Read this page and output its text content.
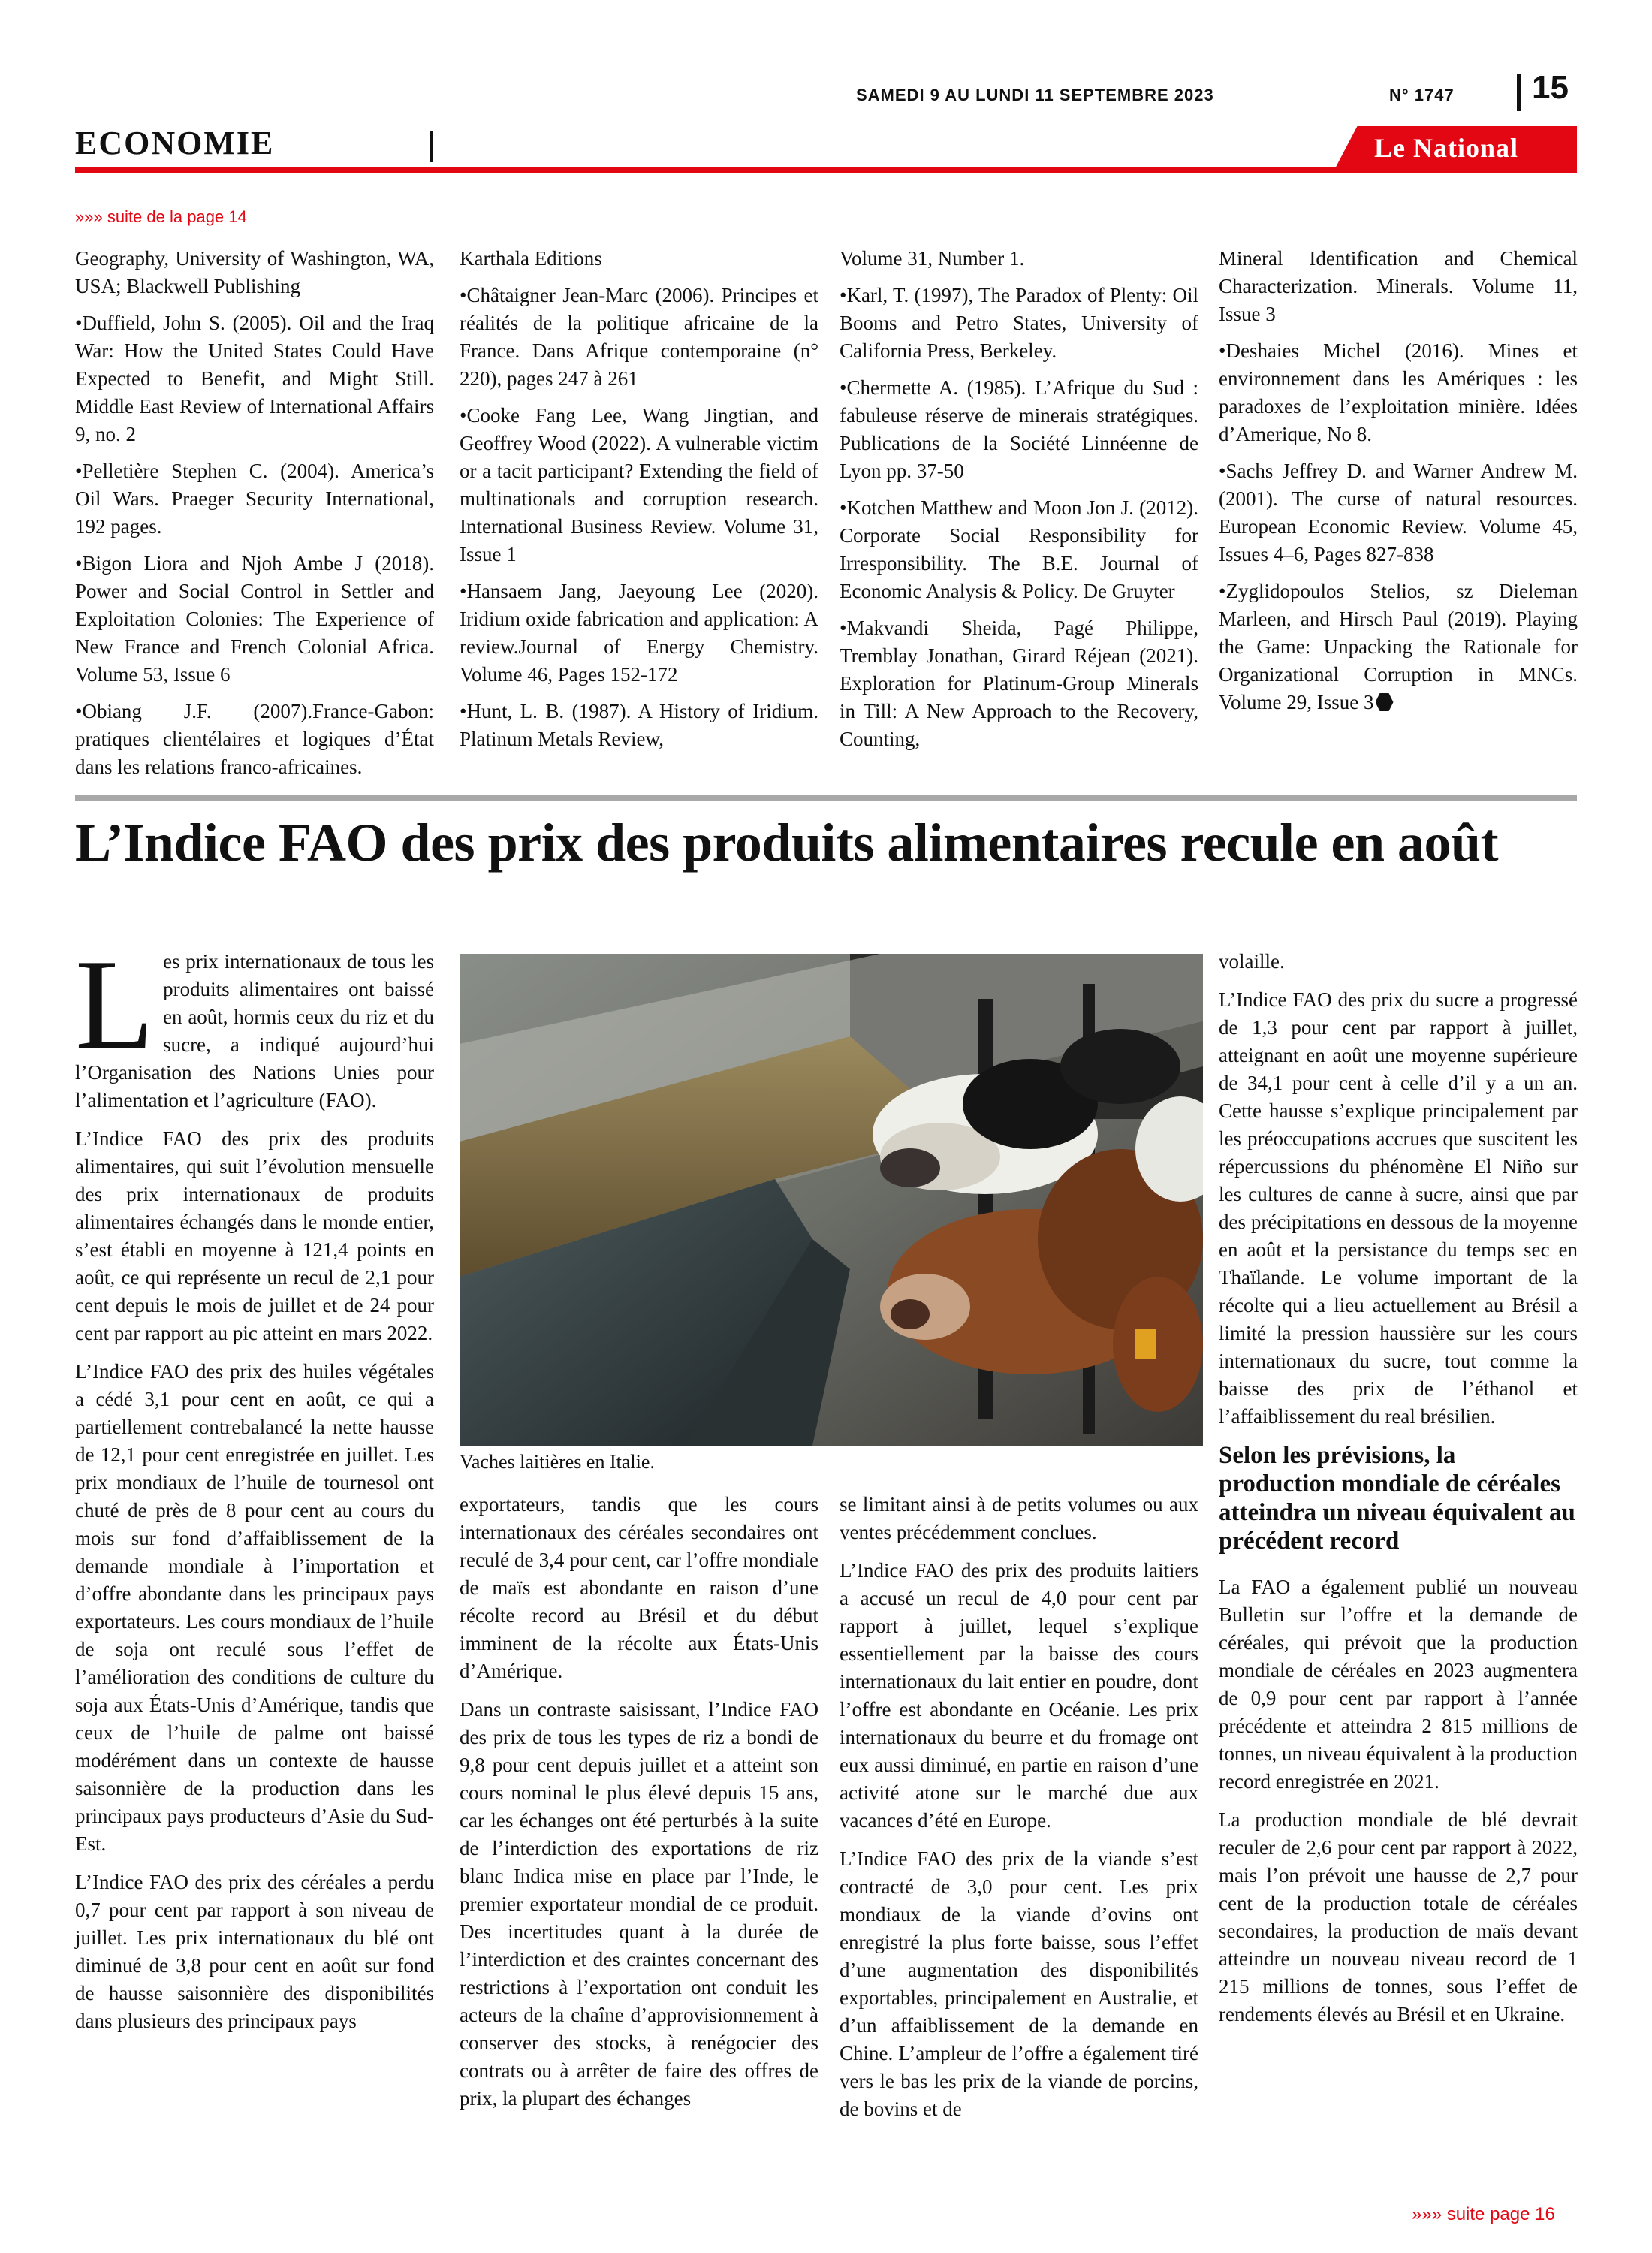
SAMEDI 9 AU LUNDI 11 SEPTEMBRE 2023	N° 1747 15
ECONOMIE	Le National
»»» suite de la page 14

Geography, University of Washington, WA, USA; Blackwell Publishing

•Duffield, John S. (2005). Oil and the Iraq War: How the United States Could Have Expected to Benefit, and Might Still. Middle East Review of International Affairs 9, no. 2

•Pelletière Stephen C. (2004). America’s Oil Wars. Praeger Security International, 192 pages.

•Bigon Liora and Njoh Ambe J (2018). Power and Social Control in Settler and Exploitation Colonies: The Experience of New France and French Colonial Africa. Volume 53, Issue 6

•Obiang J.F. (2007).France-Gabon: pratiques clientélaires et logiques d’État dans les relations franco-africaines.

Karthala Editions

•Châtaigner Jean-Marc (2006). Principes et réalités de la politique africaine de la France. Dans Afrique contemporaine (n° 220), pages 247 à 261

•Cooke Fang Lee, Wang Jingtian, and Geoffrey Wood (2022). A vulnerable victim or a tacit participant? Extending the field of multinationals and corruption research. International Business Review. Volume 31, Issue 1

•Hansaem Jang, Jaeyoung Lee (2020). Iridium oxide fabrication and application: A review.Journal of Energy Chemistry. Volume 46, Pages 152-172

•Hunt, L. B. (1987). A History of Iridium. Platinum Metals Review,

Volume 31, Number 1.

•Karl, T. (1997), The Paradox of Plenty: Oil Booms and Petro States, University of California Press, Berkeley.

•Chermette A. (1985). L’Afrique du Sud : fabuleuse réserve de minerais stratégiques. Publications de la Société Linnéenne de Lyon pp. 37-50

•Kotchen Matthew and Moon Jon J. (2012). Corporate Social Responsibility for Irresponsibility. The B.E. Journal of Economic Analysis & Policy. De Gruyter

•Makvandi Sheida, Pagé Philippe, Tremblay Jonathan, Girard Réjean (2021). Exploration for Platinum-Group Minerals in Till: A New Approach to the Recovery, Counting,

Mineral Identification and Chemical Characterization. Minerals. Volume 11, Issue 3

•Deshaies Michel (2016). Mines et environnement dans les Amériques : les paradoxes de l’exploitation minière. Idées d’Amerique, No 8.

•Sachs Jeffrey D. and Warner Andrew M. (2001). The curse of natural resources. European Economic Review. Volume 45, Issues 4–6, Pages 827-838

•Zyglidopoulos Stelios, sz Dieleman Marleen, and Hirsch Paul (2019). Playing the Game: Unpacking the Rationale for Organizational Corruption in MNCs. Volume 29, Issue 3

L’Indice FAO des prix des produits alimentaires recule en août

Les prix internationaux de tous les produits alimentaires ont baissé en août, hormis ceux du riz et du sucre, a indiqué aujourd’hui l’Organisation des Nations Unies pour l’alimentation et l’agriculture (FAO).

L’Indice FAO des prix des produits alimentaires, qui suit l’évolution mensuelle des prix internationaux de produits alimentaires échangés dans le monde entier, s’est établi en moyenne à 121,4 points en août, ce qui représente un recul de 2,1 pour cent depuis le mois de juillet et de 24 pour cent par rapport au pic atteint en mars 2022.

L’Indice FAO des prix des huiles végétales a cédé 3,1 pour cent en août, ce qui a partiellement contrebalancé la nette hausse de 12,1 pour cent enregistrée en juillet. Les prix mondiaux de l’huile de tournesol ont chuté de près de 8 pour cent au cours du mois sur fond d’affaiblissement de la demande mondiale à l’importation et d’offre abondante dans les principaux pays exportateurs. Les cours mondiaux de l’huile de soja ont reculé sous l’effet de l’amélioration des conditions de culture du soja aux États-Unis d’Amérique, tandis que ceux de l’huile de palme ont baissé modérément dans un contexte de hausse saisonnière de la production dans les principaux pays producteurs d’Asie du Sud-Est.

L’Indice FAO des prix des céréales a perdu 0,7 pour cent par rapport à son niveau de juillet. Les prix internationaux du blé ont diminué de 3,8 pour cent en août sur fond de hausse saisonnière des disponibilités dans plusieurs des principaux pays

Vaches laitières en Italie.

exportateurs, tandis que les cours internationaux des céréales secondaires ont reculé de 3,4 pour cent, car l’offre mondiale de maïs est abondante en raison d’une récolte record au Brésil et du début imminent de la récolte aux États-Unis d’Amérique.

Dans un contraste saisissant, l’Indice FAO des prix de tous les types de riz a bondi de 9,8 pour cent depuis juillet et a atteint son cours nominal le plus élevé depuis 15 ans, car les échanges ont été perturbés à la suite de l’interdiction des exportations de riz blanc Indica mise en place par l’Inde, le premier exportateur mondial de ce produit. Des incertitudes quant à la durée de l’interdiction et des craintes concernant des restrictions à l’exportation ont conduit les acteurs de la chaîne d’approvisionnement à conserver des stocks, à renégocier des contrats ou à arrêter de faire des offres de prix, la plupart des échanges

se limitant ainsi à de petits volumes ou aux ventes précédemment conclues.

L’Indice FAO des prix des produits laitiers a accusé un recul de 4,0 pour cent par rapport à juillet, lequel s’explique essentiellement par la baisse des cours internationaux du lait entier en poudre, dont l’offre est abondante en Océanie. Les prix internationaux du beurre et du fromage ont eux aussi diminué, en partie en raison d’une activité atone sur le marché due aux vacances d’été en Europe.

L’Indice FAO des prix de la viande s’est contracté de 3,0 pour cent. Les prix mondiaux de la viande d’ovins ont enregistré la plus forte baisse, sous l’effet d’une augmentation des disponibilités exportables, principalement en Australie, et d’un affaiblissement de la demande en Chine. L’ampleur de l’offre a également tiré vers le bas les prix de la viande de porcins, de bovins et de

volaille.

L’Indice FAO des prix du sucre a progressé de 1,3 pour cent par rapport à juillet, atteignant en août une moyenne supérieure de 34,1 pour cent à celle d’il y a un an. Cette hausse s’explique principalement par les préoccupations accrues que suscitent les répercussions du phénomène El Niño sur les cultures de canne à sucre, ainsi que par des précipitations en dessous de la moyenne en août et la persistance du temps sec en Thaïlande. Le volume important de la récolte qui a lieu actuellement au Brésil a limité la pression haussière sur les cours internationaux du sucre, tout comme la baisse des prix de l’éthanol et l’affaiblissement du real brésilien.

Selon les prévisions, la production mondiale de céréales atteindra un niveau équivalent au précédent record

La FAO a également publié un nouveau Bulletin sur l’offre et la demande de céréales, qui prévoit que la production mondiale de céréales en 2023 augmentera de 0,9 pour cent par rapport à l’année précédente et atteindra 2 815 millions de tonnes, un niveau équivalent à la production record enregistrée en 2021.

La production mondiale de blé devrait reculer de 2,6 pour cent par rapport à 2022, mais l’on prévoit une hausse de 2,7 pour cent de la production totale de céréales secondaires, la production de maïs devant atteindre un nouveau niveau record de 1 215 millions de tonnes, sous l’effet de rendements élevés au Brésil et en Ukraine.

»»» suite page 16
